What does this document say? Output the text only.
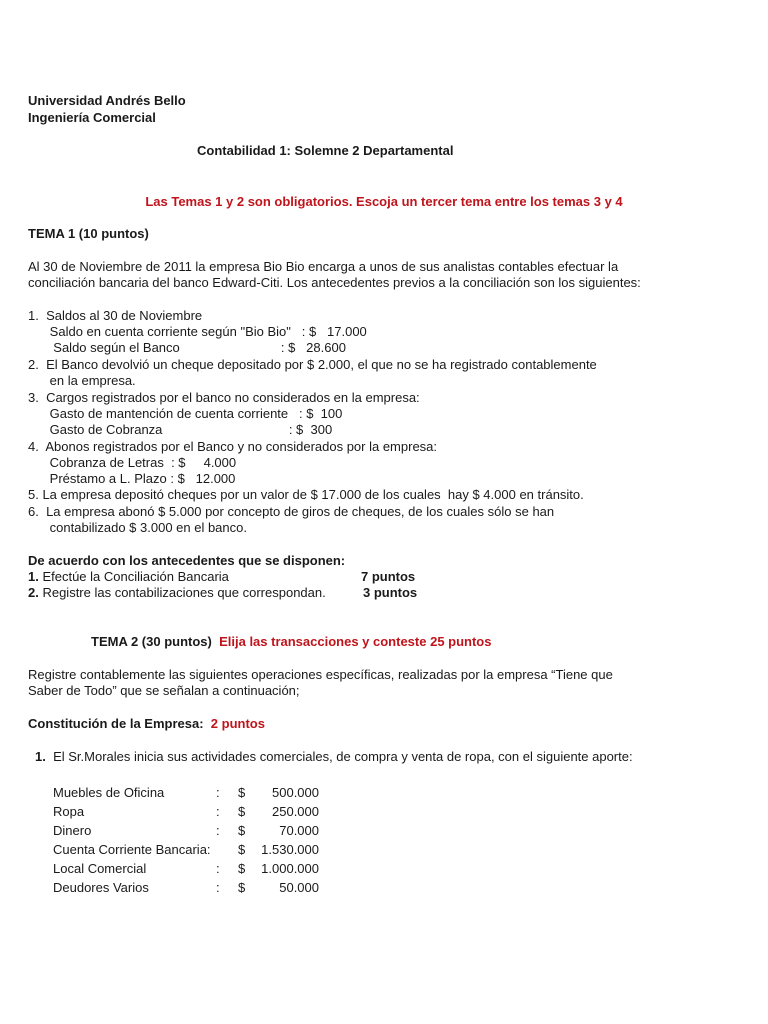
Universidad Andrés Bello

Ingeniería Comercial

Contabilidad 1: Solemne 2 Departamental

Las Temas 1 y 2 son obligatorios. Escoja un tercer tema entre los temas 3 y 4

TEMA 1 (10 puntos)

Al 30 de Noviembre de 2011 la empresa Bio Bio encarga a unos de sus analistas contables efectuar la

conciliación bancaria del banco Edward-Citi. Los antecedentes previos a la conciliación son los siguientes:

1.  Saldos al 30 de Noviembre

Saldo en cuenta corriente según "Bio Bio"   : $   17.000

Saldo según el Banco                            : $   28.600

2.  El Banco devolvió un cheque depositado por $ 2.000, el que no se ha registrado contablemente

en la empresa.

3.  Cargos registrados por el banco no considerados en la empresa:

Gasto de mantención de cuenta corriente   : $  100

Gasto de Cobranza                                   : $  300

4.  Abonos registrados por el Banco y no considerados por la empresa:

Cobranza de Letras  : $     4.000

Préstamo a L. Plazo : $   12.000

5. La empresa depositó cheques por un valor de $ 17.000 de los cuales  hay $ 4.000 en tránsito.

6.  La empresa abonó $ 5.000 por concepto de giros de cheques, de los cuales sólo se han

contabilizado $ 3.000 en el banco.

De acuerdo con los antecedentes que se disponen:

1. Efectúe la Conciliación Bancaria	7 puntos

2. Registre las contabilizaciones que correspondan.	3 puntos

TEMA 2 (30 puntos) Elija las transacciones y conteste 25 puntos

Registre contablemente las siguientes operaciones específicas, realizadas por la empresa “Tiene que

Saber de Todo” que se señalan a continuación;

Constitución de la Empresa: 2 puntos
1. El Sr.Morales inicia sus actividades comerciales, de compra y venta de ropa, con el siguiente aporte:
Muebles de Oficina	:	$	500.000
Ropa	:	$	250.000
Dinero	:	$	70.000
Cuenta Corriente Bancaria:		$	1.530.000
Local Comercial	:	$	1.000.000
Deudores Varios	:	$	50.000
